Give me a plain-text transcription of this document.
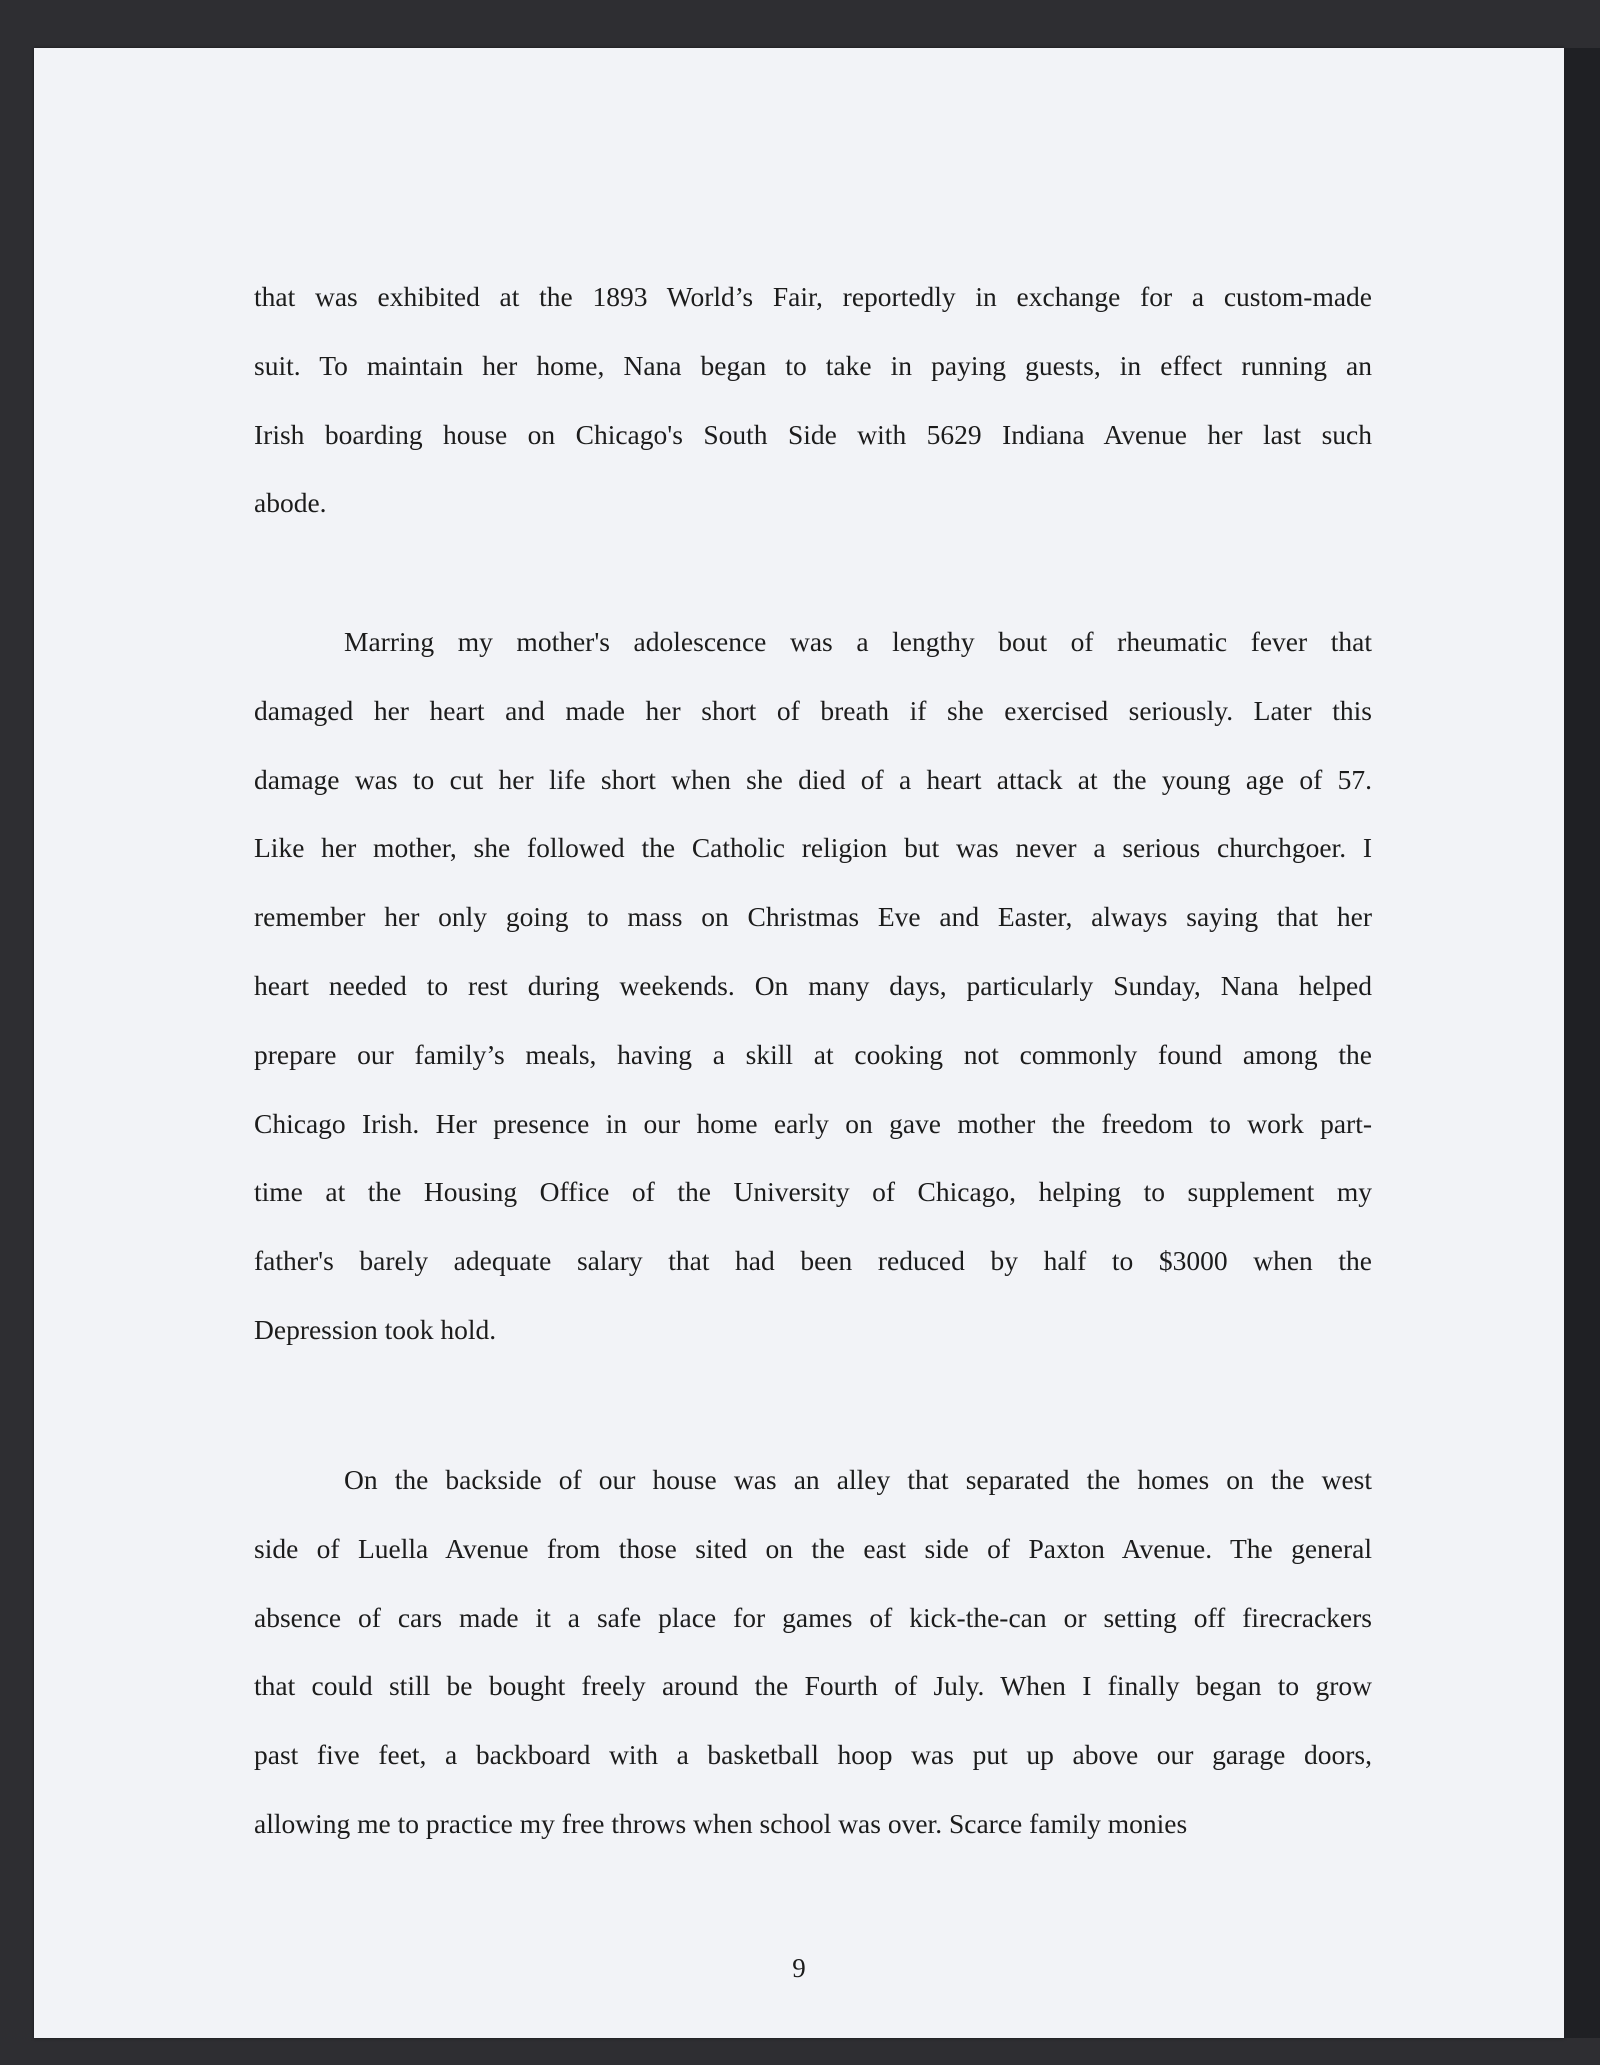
that was exhibited at the 1893 World’s Fair, reportedly in exchange for a custom-made
suit. To maintain her home, Nana began to take in paying guests, in effect running an
Irish boarding house on Chicago's South Side with 5629 Indiana Avenue her last such
abode.
Marring my mother's adolescence was a lengthy bout of rheumatic fever that
damaged her heart and made her short of breath if she exercised seriously. Later this
damage was to cut her life short when she died of a heart attack at the young age of 57.
Like her mother, she followed the Catholic religion but was never a serious churchgoer. I
remember her only going to mass on Christmas Eve and Easter, always saying that her
heart needed to rest during weekends. On many days, particularly Sunday, Nana helped
prepare our family’s meals, having a skill at cooking not commonly found among the
Chicago Irish. Her presence in our home early on gave mother the freedom to work part-
time at the Housing Office of the University of Chicago, helping to supplement my
father's barely adequate salary that had been reduced by half to $3000 when the
Depression took hold.
On the backside of our house was an alley that separated the homes on the west
side of Luella Avenue from those sited on the east side of Paxton Avenue. The general
absence of cars made it a safe place for games of kick-the-can or setting off firecrackers
that could still be bought freely around the Fourth of July. When I finally began to grow
past five feet, a backboard with a basketball hoop was put up above our garage doors,
allowing me to practice my free throws when school was over. Scarce family monies
9
